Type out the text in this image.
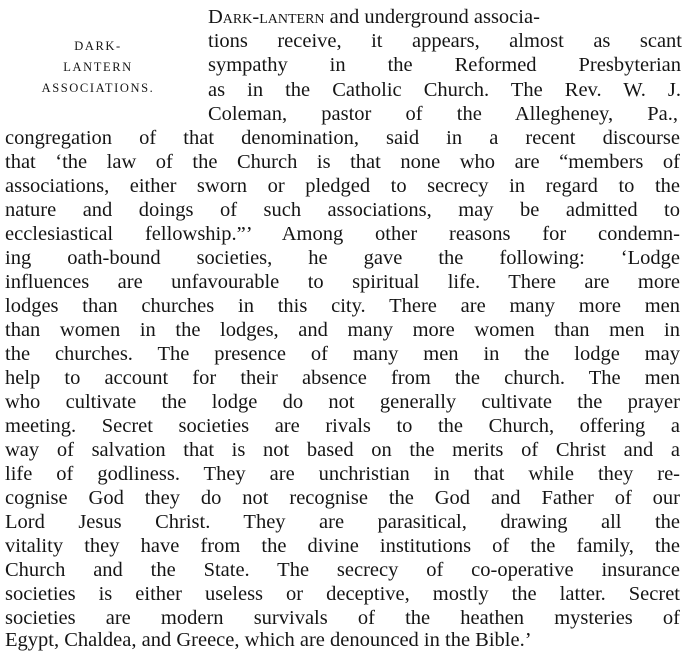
DARK-
LANTERN
ASSOCIATIONS.
Dark-lantern and underground associa-
tions receive, it appears, almost as scant
sympathy in the Reformed Presbyterian
as in the Catholic Church. The Rev. W. J.
Coleman, pastor of the Allegheney, Pa.,
congregation of that denomination, said in a recent discourse
that ‘the law of the Church is that none who are “members of
associations, either sworn or pledged to secrecy in regard to the
nature and doings of such associations, may be admitted to
ecclesiastical fellowship.”’ Among other reasons for condemn-
ing oath-bound societies, he gave the following: ‘Lodge
influences are unfavourable to spiritual life. There are more
lodges than churches in this city. There are many more men
than women in the lodges, and many more women than men in
the churches. The presence of many men in the lodge may
help to account for their absence from the church. The men
who cultivate the lodge do not generally cultivate the prayer
meeting. Secret societies are rivals to the Church, offering a
way of salvation that is not based on the merits of Christ and a
life of godliness. They are unchristian in that while they re-
cognise God they do not recognise the God and Father of our
Lord Jesus Christ. They are parasitical, drawing all the
vitality they have from the divine institutions of the family, the
Church and the State. The secrecy of co-operative insurance
societies is either useless or deceptive, mostly the latter. Secret
societies are modern survivals of the heathen mysteries of
Egypt, Chaldea, and Greece, which are denounced in the Bible.’
